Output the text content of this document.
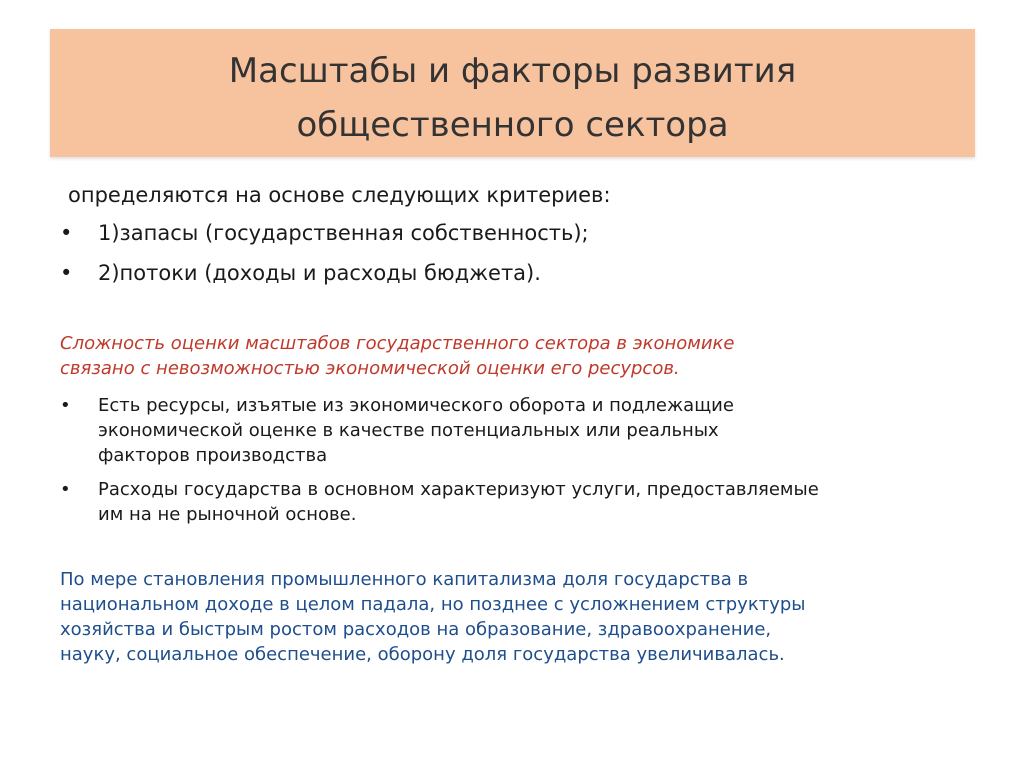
Масштабы и факторы развития
общественного сектора
определяются на основе следующих критериев:
• 1)запасы (государственная собственность);
• 2)потоки (доходы и расходы бюджета).
Сложность оценки масштабов государственного сектора в экономике
связано с невозможностью экономической оценки его ресурсов.
• Есть ресурсы, изъятые из экономического оборота и подлежащие
экономической оценке в качестве потенциальных или реальных
факторов производства
• Расходы государства в основном характеризуют услуги, предоставляемые
им на не рыночной основе.
По мере становления промышленного капитализма доля государства в
национальном доходе в целом падала, но позднее с усложнением структуры
хозяйства и быстрым ростом расходов на образование, здравоохранение,
науку, социальное обеспечение, оборону доля государства увеличивалась.
